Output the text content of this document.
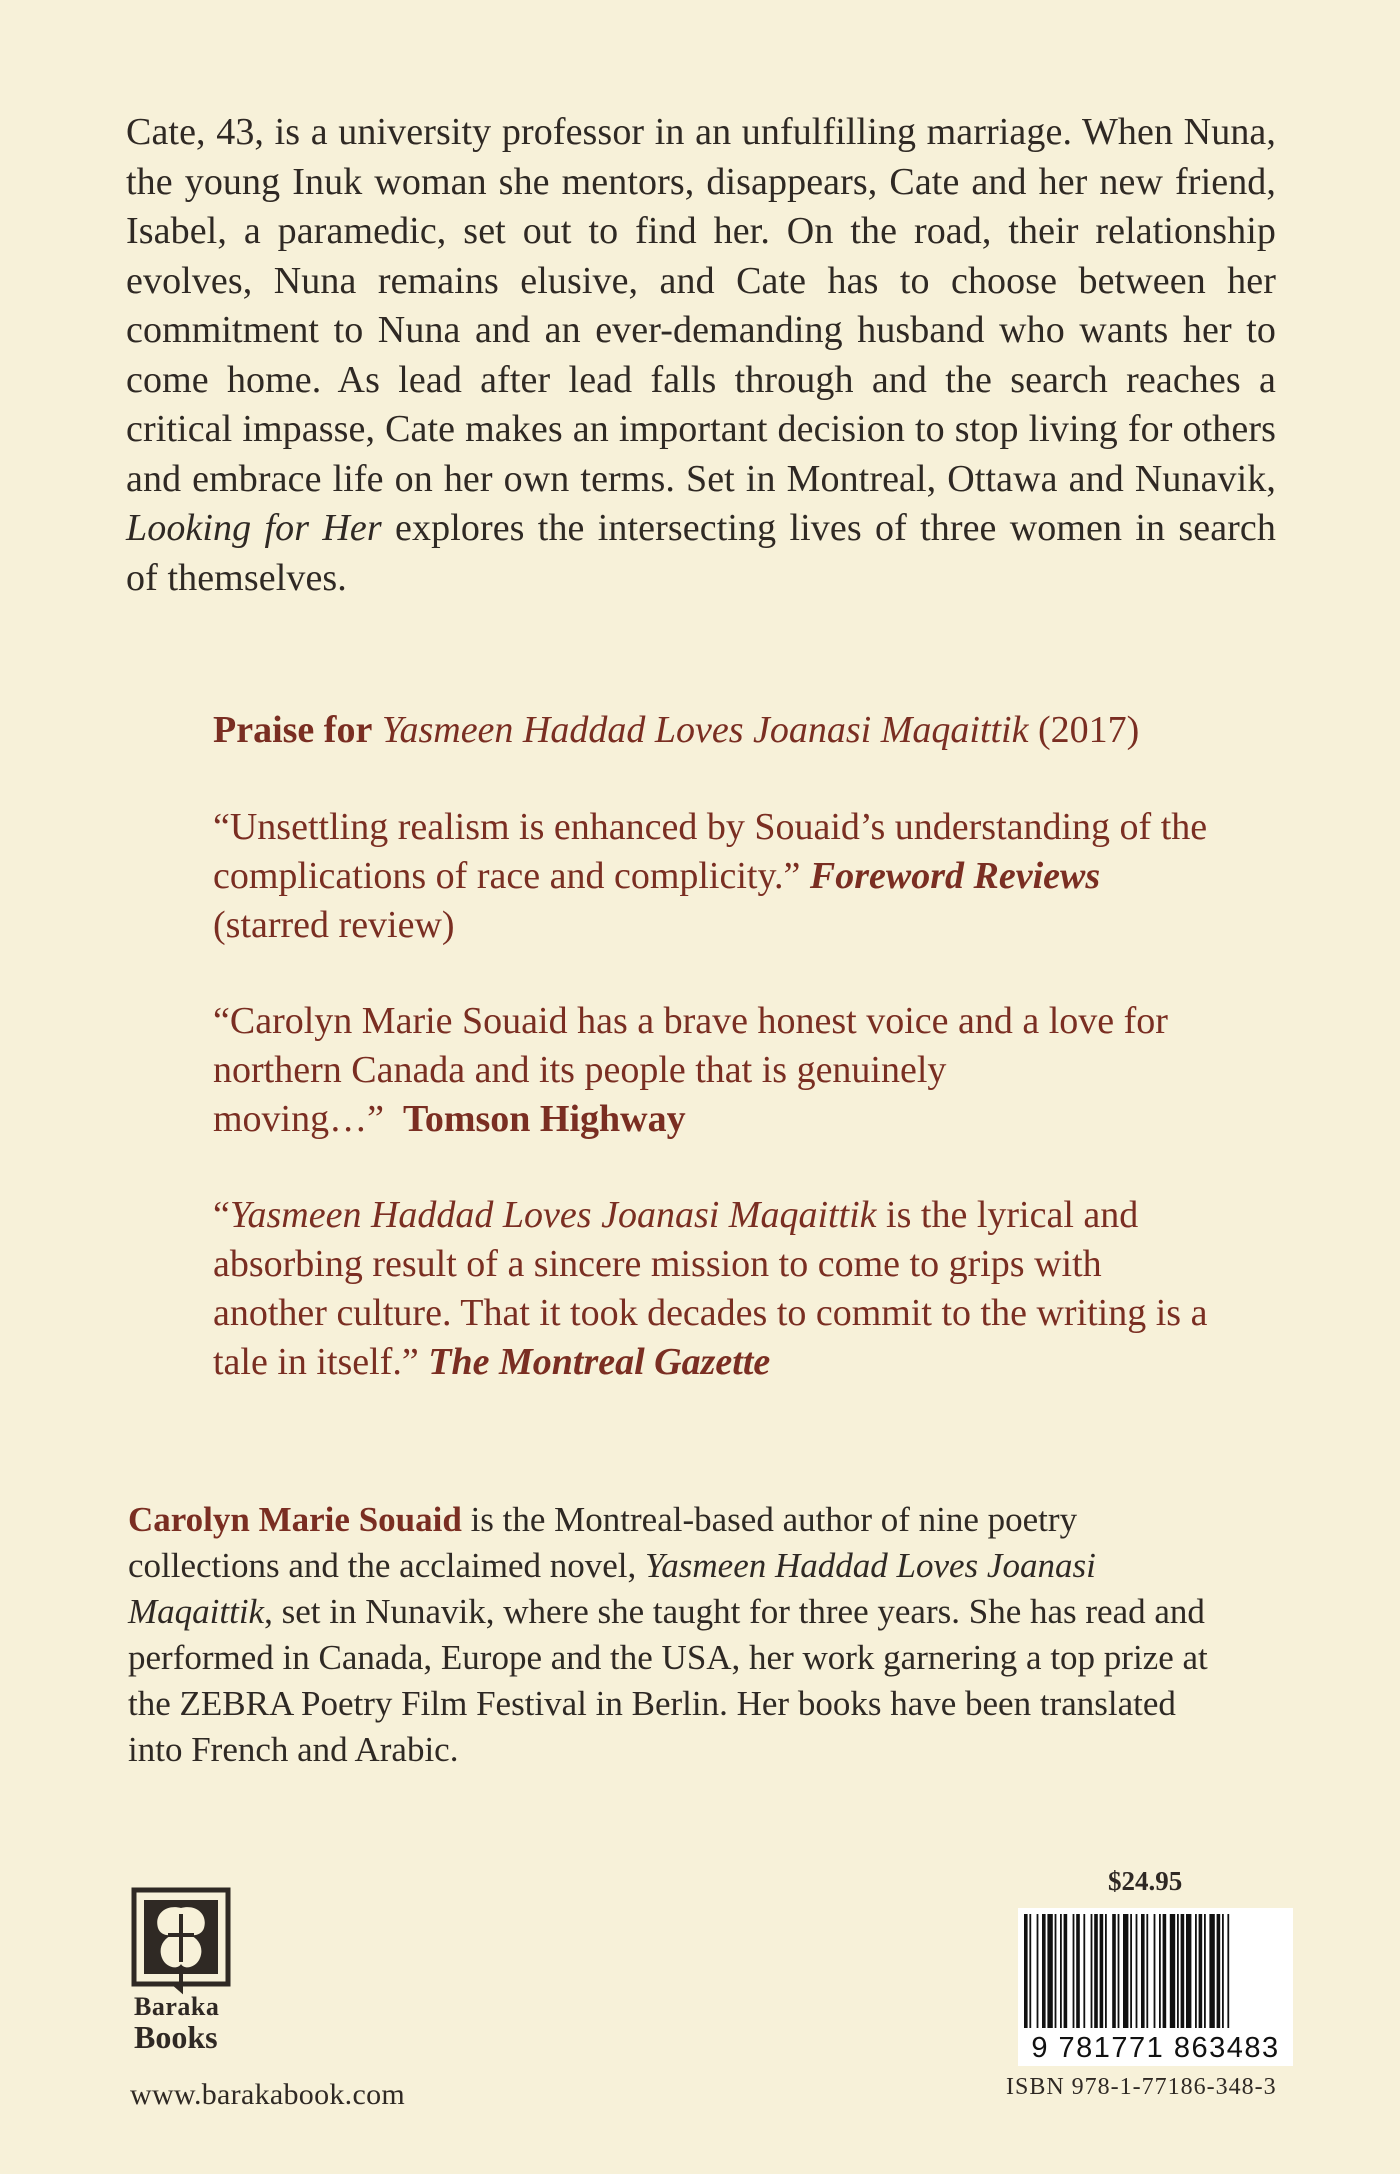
Cate, 43, is a university professor in an unfulfilling marriage. When Nuna, the young Inuk woman she mentors, disappears, Cate and her new friend, Isabel, a paramedic, set out to find her. On the road, their relationship evolves, Nuna remains elusive, and Cate has to choose between her commitment to Nuna and an ever-demanding husband who wants her to come home. As lead after lead falls through and the search reaches a critical impasse, Cate makes an important decision to stop living for others and embrace life on her own terms. Set in Montreal, Ottawa and Nunavik, Looking for Her explores the intersecting lives of three women in search of themselves.

Praise for Yasmeen Haddad Loves Joanasi Maqaittik (2017)

“Unsettling realism is enhanced by Souaid’s understanding of the complications of race and complicity.” Foreword Reviews (starred review)

“Carolyn Marie Souaid has a brave honest voice and a love for northern Canada and its people that is genuinely moving…” Tomson Highway

“Yasmeen Haddad Loves Joanasi Maqaittik is the lyrical and absorbing result of a sincere mission to come to grips with another culture. That it took decades to commit to the writing is a tale in itself.” The Montreal Gazette

Carolyn Marie Souaid is the Montreal-based author of nine poetry collections and the acclaimed novel, Yasmeen Haddad Loves Joanasi Maqaittik, set in Nunavik, where she taught for three years. She has read and performed in Canada, Europe and the USA, her work garnering a top prize at the ZEBRA Poetry Film Festival in Berlin. Her books have been translated into French and Arabic.

Baraka
Books
www.barakabook.com
$24.95
9 781771 863483
ISBN 978-1-77186-348-3
